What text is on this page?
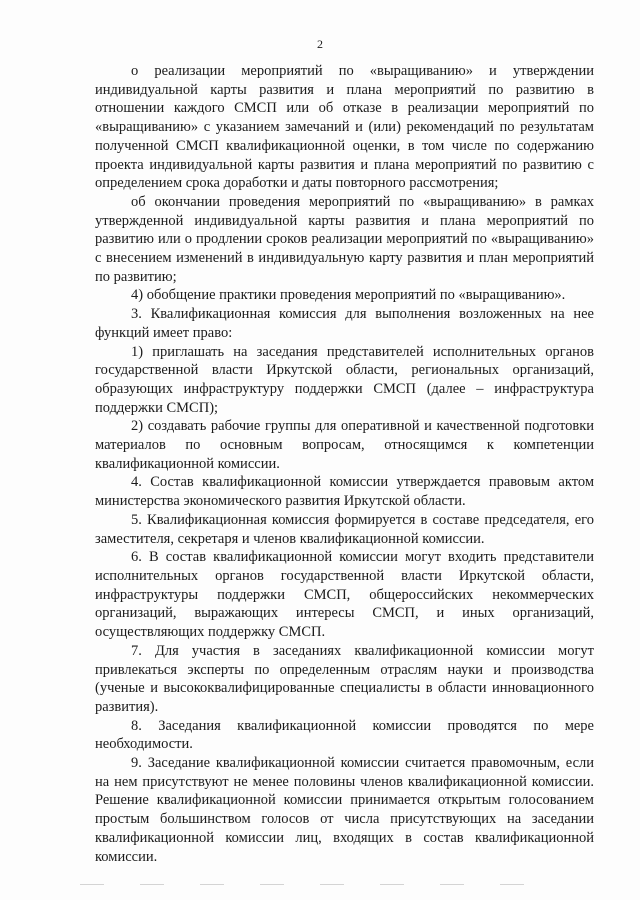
2

о реализации мероприятий по «выращиванию» и утверждении индивидуальной карты развития и плана мероприятий по развитию в отношении каждого СМСП или об отказе в реализации мероприятий по «выращиванию» с указанием замечаний и (или) рекомендаций по результатам полученной СМСП квалификационной оценки, в том числе по содержанию проекта индивидуальной карты развития и плана мероприятий по развитию с определением срока доработки и даты повторного рассмотрения;

об окончании проведения мероприятий по «выращиванию» в рамках утвержденной индивидуальной карты развития и плана мероприятий по развитию или о продлении сроков реализации мероприятий по «выращиванию» с внесением изменений в индивидуальную карту развития и план мероприятий по развитию;

4) обобщение практики проведения мероприятий по «выращиванию».

3. Квалификационная комиссия для выполнения возложенных на нее функций имеет право:

1) приглашать на заседания представителей исполнительных органов государственной власти Иркутской области, региональных организаций, образующих инфраструктуру поддержки СМСП (далее – инфраструктура поддержки СМСП);

2) создавать рабочие группы для оперативной и качественной подготовки материалов по основным вопросам, относящимся к компетенции квалификационной комиссии.

4. Состав квалификационной комиссии утверждается правовым актом министерства экономического развития Иркутской области.

5. Квалификационная комиссия формируется в составе председателя, его заместителя, секретаря и членов квалификационной комиссии.

6. В состав квалификационной комиссии могут входить представители исполнительных органов государственной власти Иркутской области, инфраструктуры поддержки СМСП, общероссийских некоммерческих организаций, выражающих интересы СМСП, и иных организаций, осуществляющих поддержку СМСП.

7. Для участия в заседаниях квалификационной комиссии могут привлекаться эксперты по определенным отраслям науки и производства (ученые и высококвалифицированные специалисты в области инновационного развития).

8. Заседания квалификационной комиссии проводятся по мере необходимости.

9. Заседание квалификационной комиссии считается правомочным, если на нем присутствуют не менее половины членов квалификационной комиссии. Решение квалификационной комиссии принимается открытым голосованием простым большинством голосов от числа присутствующих на заседании квалификационной комиссии лиц, входящих в состав квалификационной комиссии.
